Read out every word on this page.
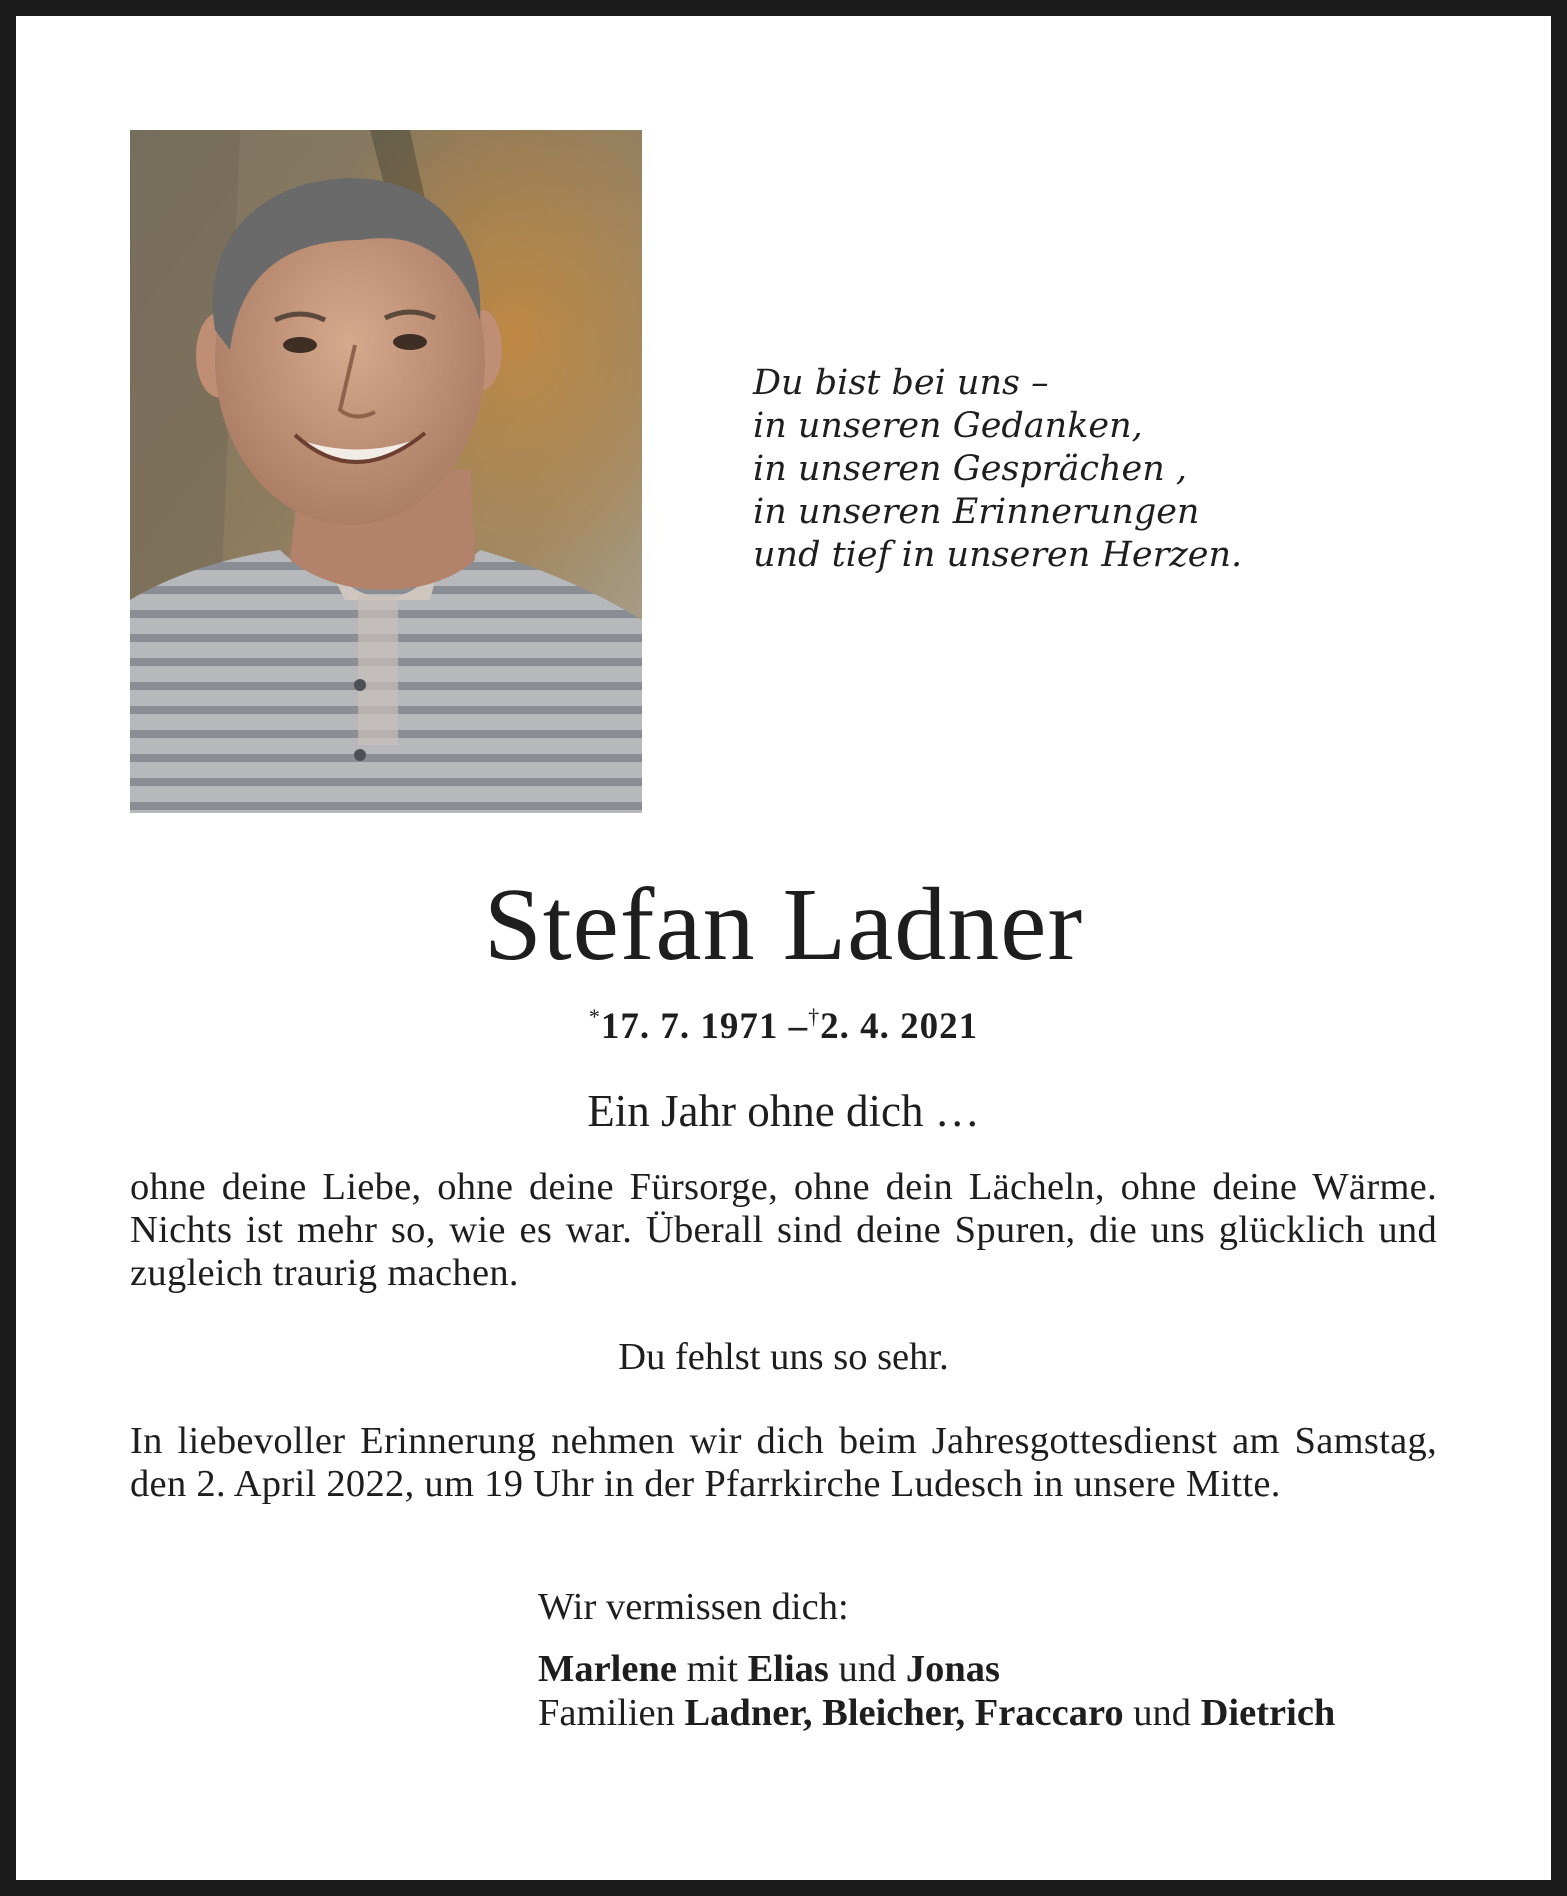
Du bist bei uns –
in unseren Gedanken,
in unseren Gesprächen ,
in unseren Erinnerungen
und tief in unseren Herzen.
Stefan Ladner
*17. 7. 1971 –†2. 4. 2021
Ein Jahr ohne dich …
ohne deine Liebe, ohne deine Fürsorge, ohne dein Lächeln, ohne deine Wärme. Nichts ist mehr so, wie es war. Überall sind deine Spuren, die uns glücklich und zugleich traurig machen.
Du fehlst uns so sehr.
In liebevoller Erinnerung nehmen wir dich beim Jahresgottesdienst am Samstag, den 2. April 2022, um 19 Uhr in der Pfarrkirche Ludesch in unsere Mitte.
Wir vermissen dich:
Marlene mit Elias und Jonas
Familien Ladner, Bleicher, Fraccaro und Dietrich
